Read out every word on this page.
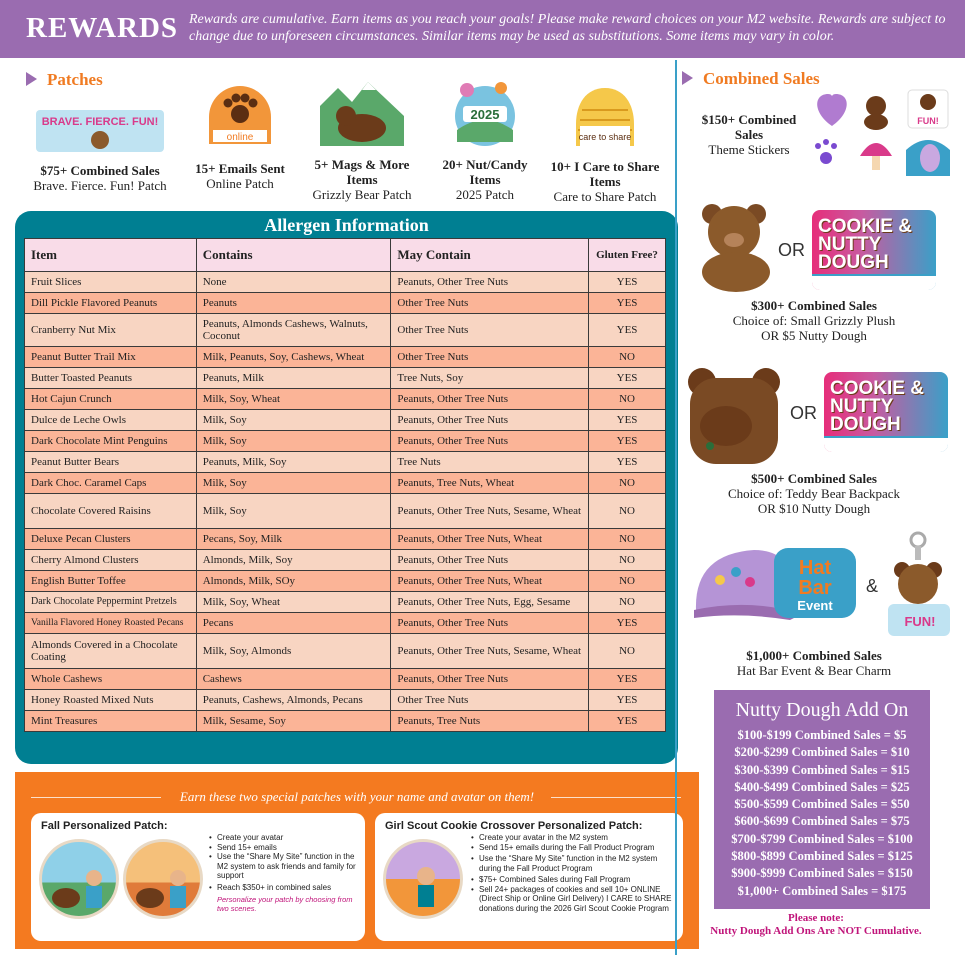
REWARDS Rewards are cumulative. Earn items as you reach your goals! Please make reward choices on your M2 website. Rewards are subject to change due to unforeseen circumstances. Similar items may be used as substitutions. Some items may vary in color.
Patches
BRAVE. FIERCE. FUN!
$75+ Combined Sales
Brave. Fierce. Fun! Patch
online
15+ Emails Sent
Online Patch
5+ Mags & More Items
Grizzly Bear Patch
2025
20+ Nut/Candy Items
2025 Patch
care to share
10+ I Care to Share Items
Care to Share Patch
Allergen Information
Item	Contains	May Contain	Gluten Free?
Fruit Slices	None	Peanuts, Other Tree Nuts	YES
Dill Pickle Flavored Peanuts	Peanuts	Other Tree Nuts	YES
Cranberry Nut Mix	Peanuts, Almonds Cashews, Walnuts, Coconut	Other Tree Nuts	YES
Peanut Butter Trail Mix	Milk, Peanuts, Soy, Cashews, Wheat	Other Tree Nuts	NO
Butter Toasted Peanuts	Peanuts, Milk	Tree Nuts, Soy	YES
Hot Cajun Crunch	Milk, Soy, Wheat	Peanuts, Other Tree Nuts	NO
Dulce de Leche Owls	Milk, Soy	Peanuts, Other Tree Nuts	YES
Dark Chocolate Mint Penguins	Milk, Soy	Peanuts, Other Tree Nuts	YES
Peanut Butter Bears	Peanuts, Milk, Soy	Tree Nuts	YES
Dark Choc. Caramel Caps	Milk, Soy	Peanuts, Tree Nuts, Wheat	NO
Chocolate Covered Raisins	Milk, Soy	Peanuts, Other Tree Nuts, Sesame, Wheat	NO
Deluxe Pecan Clusters	Pecans, Soy, Milk	Peanuts, Other Tree Nuts, Wheat	NO
Cherry Almond Clusters	Almonds, Milk, Soy	Peanuts, Other Tree Nuts	NO
English Butter Toffee	Almonds, Milk, SOy	Peanuts, Other Tree Nuts, Wheat	NO
Dark Chocolate Peppermint Pretzels	Milk, Soy, Wheat	Peanuts, Other Tree Nuts, Egg, Sesame	NO
Vanilla Flavored Honey Roasted Pecans	Pecans	Peanuts, Other Tree Nuts	YES
Almonds Covered in a Chocolate Coating	Milk, Soy, Almonds	Peanuts, Other Tree Nuts, Sesame, Wheat	NO
Whole Cashews	Cashews	Peanuts, Other Tree Nuts	YES
Honey Roasted Mixed Nuts	Peanuts, Cashews, Almonds, Pecans	Other Tree Nuts	YES
Mint Treasures	Milk, Sesame, Soy	Peanuts, Tree Nuts	YES
Earn these two special patches with your name and avatar on them!
Fall Personalized Patch:
• Create your avatar
• Send 15+ emails
• Use the “Share My Site” function in the M2 system to ask friends and family for support
• Reach $350+ in combined sales
Personalize your patch by choosing from two scenes.
Girl Scout Cookie Crossover Personalized Patch:
• Create your avatar in the M2 system
• Send 15+ emails during the Fall Product Program
• Use the “Share My Site” function in the M2 system during the Fall Product Program
• $75+ Combined Sales during Fall Program
• Sell 24+ packages of cookies and sell 10+ ONLINE (Direct Ship or Online Girl Delivery) I CARE to SHARE donations during the 2026 Girl Scout Cookie Program
Combined Sales
$150+ Combined Sales
Theme Stickers
FUN!
OR
COOKIE & NUTTY DOUGH
$300+ Combined Sales
Choice of: Small Grizzly Plush
OR $5 Nutty Dough
OR
COOKIE & NUTTY DOUGH
$500+ Combined Sales
Choice of: Teddy Bear Backpack
OR $10 Nutty Dough
Hat
Bar
Event
&
FUN!
$1,000+ Combined Sales
Hat Bar Event & Bear Charm
Nutty Dough Add On
$100-$199 Combined Sales = $5
$200-$299 Combined Sales = $10
$300-$399 Combined Sales = $15
$400-$499 Combined Sales = $25
$500-$599 Combined Sales = $50
$600-$699 Combined Sales = $75
$700-$799 Combined Sales = $100
$800-$899 Combined Sales = $125
$900-$999 Combined Sales = $150
$1,000+ Combined Sales = $175
Please note:
Nutty Dough Add Ons Are NOT Cumulative.
